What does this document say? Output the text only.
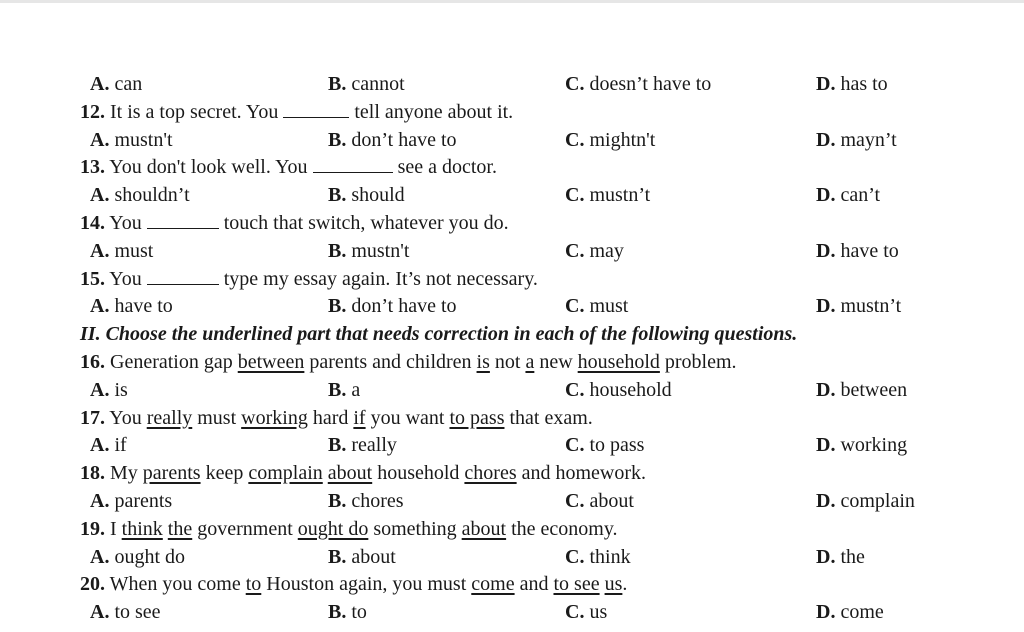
A. can	B. cannot	C. doesn’t have to	D. has to
12. It is a top secret. You	tell anyone about it.
A. mustn't	B. don’t have to	C. mightn't	D. mayn’t
13. You don't look well. You	see a doctor.
A. shouldn’t	B. should	C. mustn’t	D. can’t
14. You	touch that switch, whatever you do.
A. must	B. mustn't	C. may	D. have to
15. You	type my essay again. It’s not necessary.
A. have to	B. don’t have to	C. must	D. mustn’t
II. Choose the underlined part that needs correction in each of the following questions.
16. Generation gap between parents and children is not a new household problem.
A. is	B. a	C. household	D. between
17. You really must working hard if you want to pass that exam.
A. if	B. really	C. to pass	D. working
18. My parents keep complain about household chores and homework.
A. parents	B. chores	C. about	D. complain
19. I think the government ought do something about the economy.
A. ought do	B. about	C. think	D. the
20. When you come to Houston again, you must come and to see us.
A. to see	B. to	C. us	D. come
